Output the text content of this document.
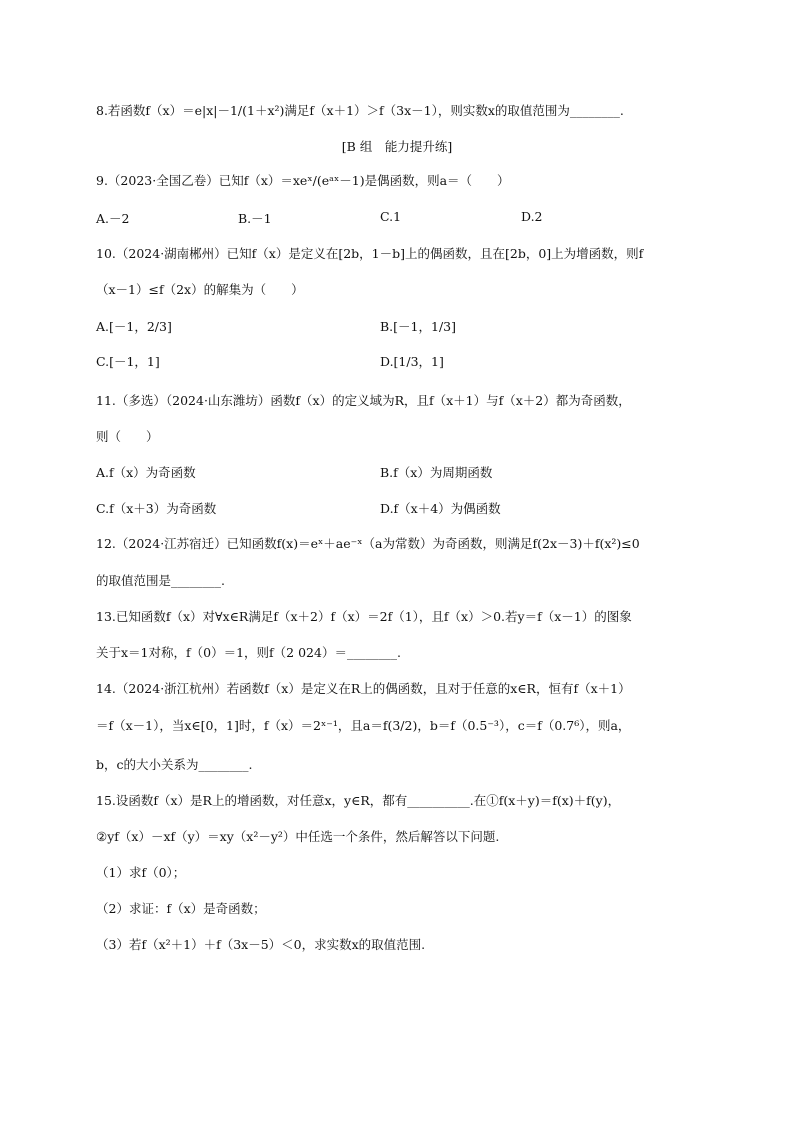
8.若函数f（x）＝e|x|－1/(1＋x²)满足f（x＋1）＞f（3x－1），则实数x的取值范围为________.
[B 组　能力提升练]
9.（2023·全国乙卷）已知f（x）＝xeˣ/(eᵃˣ－1)是偶函数，则a＝（　　）
A.－2	B.－1	C.1	D.2
10.（2024·湖南郴州）已知f（x）是定义在[2b，1－b]上的偶函数，且在[2b，0]上为增函数，则f
（x－1）≤f（2x）的解集为（　　）
A.[－1，2/3]	B.[－1，1/3]
C.[－1，1]	D.[1/3，1]
11.（多选）（2024·山东潍坊）函数f（x）的定义域为R，且f（x＋1）与f（x＋2）都为奇函数，
则（　　）
A.f（x）为奇函数	B.f（x）为周期函数
C.f（x＋3）为奇函数	D.f（x＋4）为偶函数
12.（2024·江苏宿迁）已知函数f(x)＝eˣ＋ae⁻ˣ（a为常数）为奇函数，则满足f(2x－3)＋f(x²)≤0
的取值范围是________.
13.已知函数f（x）对∀x∈R满足f（x＋2）f（x）＝2f（1），且f（x）＞0.若y＝f（x－1）的图象
关于x＝1对称，f（0）＝1，则f（2 024）＝________.
14.（2024·浙江杭州）若函数f（x）是定义在R上的偶函数，且对于任意的x∈R，恒有f（x＋1）
＝f（x－1），当x∈[0，1]时，f（x）＝2ˣ⁻¹，且a＝f(3/2)，b＝f（0.5⁻³），c＝f（0.7⁶），则a，
b，c的大小关系为________.
15.设函数f（x）是R上的增函数，对任意x，y∈R，都有__________.在①f(x＋y)＝f(x)＋f(y)，
②yf（x）－xf（y）＝xy（x²－y²）中任选一个条件，然后解答以下问题.
（1）求f（0）；
（2）求证：f（x）是奇函数；
（3）若f（x²＋1）＋f（3x－5）＜0，求实数x的取值范围.
